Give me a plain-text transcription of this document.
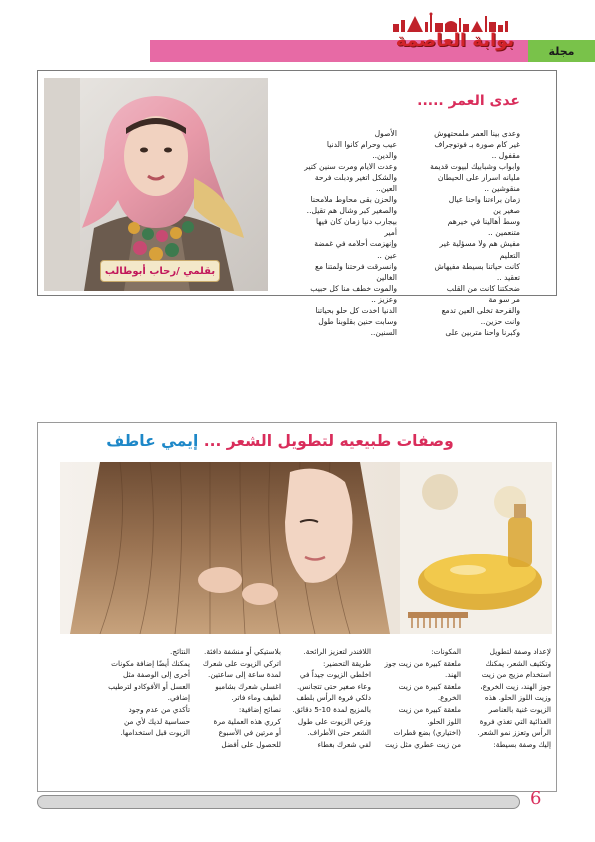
مجلة
بوابة العاصمة
عدى العمر .....

وعدى بينا العمر ملمحتهوش

غير كام صورة بـ فوتوجراف

مقفول ..

وابواب وشبابيك لبيوت قديمة

مليانه اسرار على الحيطان

منقوشين ..

زمان براءتنا واحنا عيال

صغير ين

وسط أهالينا في خيرهم

متنعمين ..

مفيش هم ولا مسؤلية غير

التعليم

كانت حياتنا بسيطة مفيهاش

تعقيد ..

ضحكتنا كانت من القلب

مر سو مة

والفرحة تخلى العين تدمع

وانت حزين..

وكبرنا واحنا متربين على

الأصول

عيب وحرام كانوا الدنيا

والدين..

وعدت الايام ومرت سنين كتير

والشكل اتغير ودبلت فرحة

العين..

والحزن بقى محاوط ملامحنا

والصغير كبر وشال هم تقيل..

بيجارب دنيا زمان كان فيها

أمير

وإنهزمت أحلامه في غمضة

عين ..

وانسرقت فرحتنا ولمتنا مع

الغالين

والموت خطف منا كل حبيب

وعزيز ..

الدنيا اخدت كل حلو بحياتنا

وسابت حنين بقلوبنا طول

السنين..

بقلمي /رحاب أبوطالب
وصفات طبيعيه لتطويل الشعر ... إيمي عاطف

لإعداد وصفة لتطويل

وتكثيف الشعر، يمكنك

استخدام مزيج من زيت

جوز الهند، زيت الخروع،

وزيت اللوز الحلو. هذه

الزيوت غنية بالعناصر

الغذائية التي تغذي فروة

الرأس وتعزز نمو الشعر.

إليك وصفة بسيطة:

المكونات:

ملعقة كبيرة من زيت جوز

الهند.

ملعقة كبيرة من زيت

الخروع.

ملعقة كبيرة من زيت

اللوز الحلو.

(اختياري) بضع قطرات

من زيت عطري مثل زيت

اللافندر لتعزيز الرائحة.

طريقة التحضير:

اخلطي الزيوت جيداً في

وعاء صغير حتى تتجانس.

دلكي فروة الرأس بلطف

بالمزيج لمدة 10-5 دقائق.

وزعي الزيوت على طول

الشعر حتى الأطراف.

لفي شعرك بغطاء

بلاستيكي أو منشفة دافئة.

اتركي الزيوت على شعرك

لمدة ساعة إلى ساعتين.

اغسلي شعرك بشامبو

لطيف وماء فاتر.

نصائح إضافية:

كرري هذه العملية مرة

أو مرتين في الأسبوع

للحصول على أفضل

النتائج.

يمكنك أيضًا إضافة مكونات

أخرى إلى الوصفة مثل

العسل أو الأفوكادو لترطيب

إضافي.

تأكدي من عدم وجود

حساسية لديك لأي من

الزيوت قبل استخدامها.

6
